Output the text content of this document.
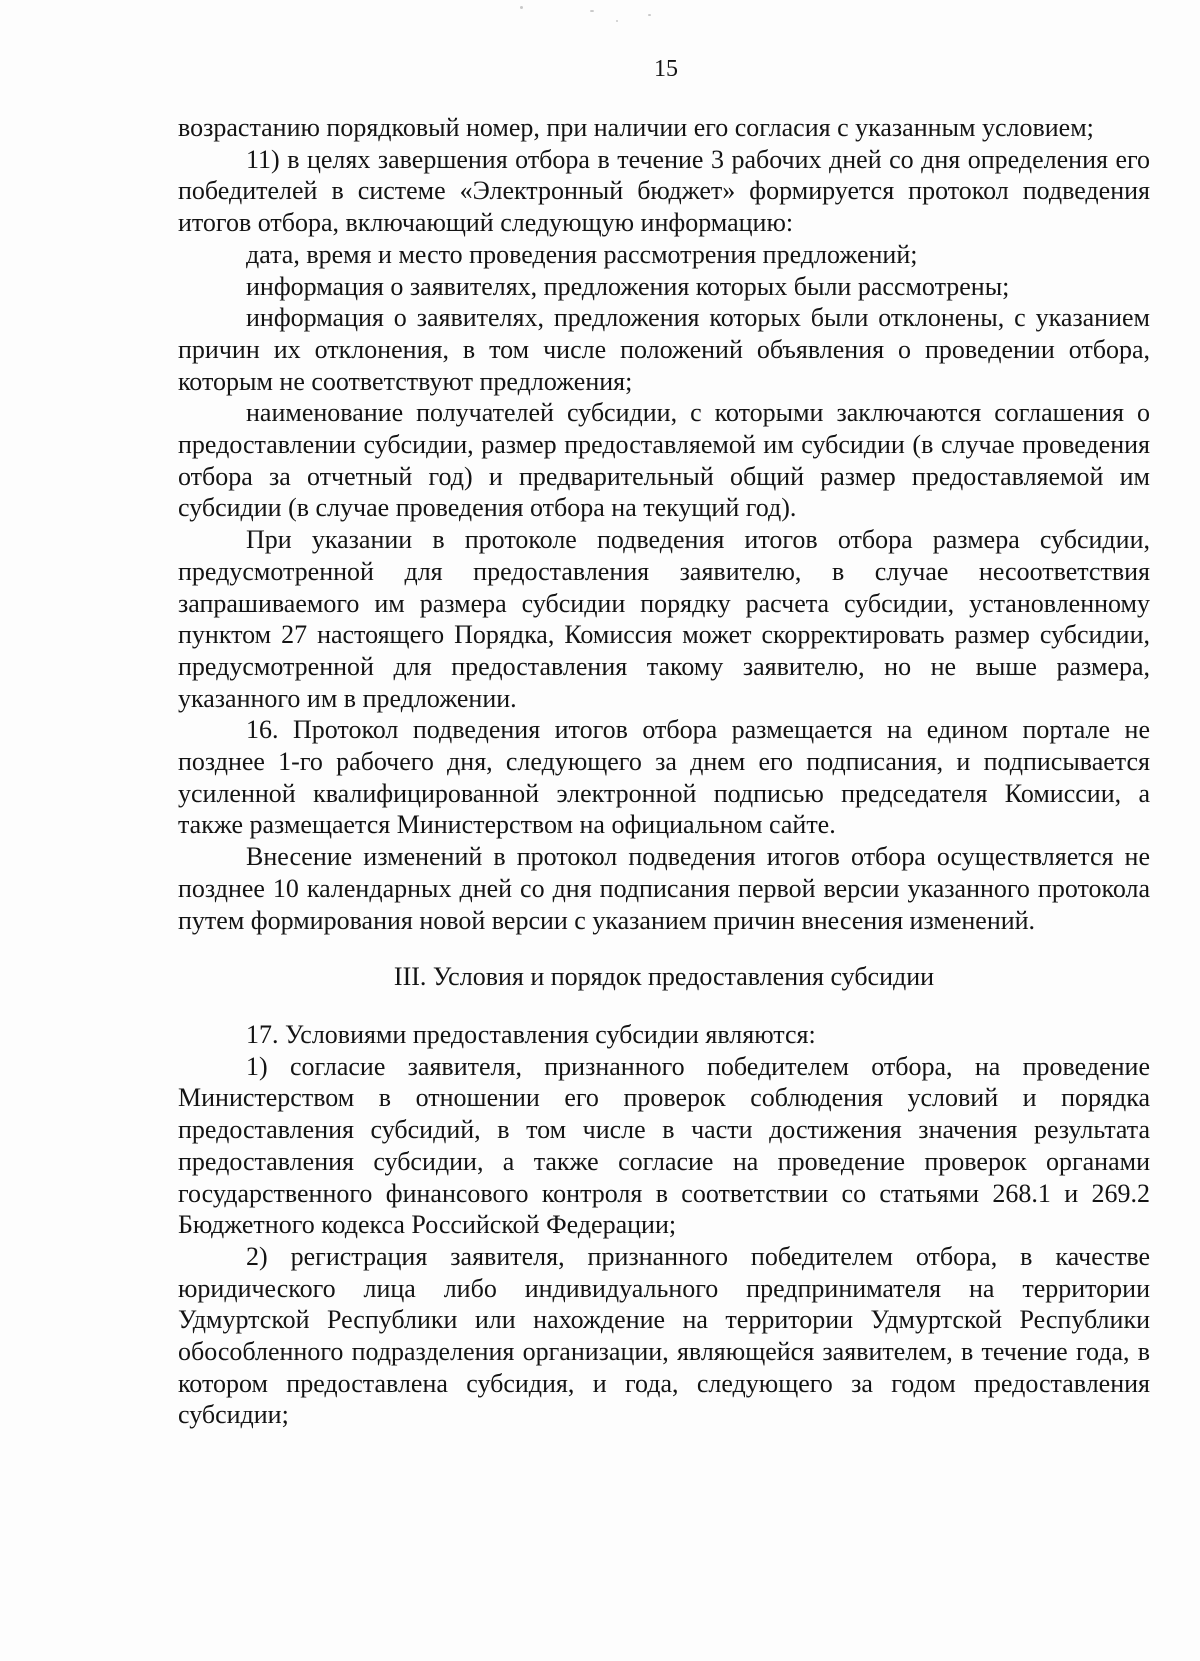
15

возрастанию порядковый номер, при наличии его согласия с указанным условием;

11) в целях завершения отбора в течение 3 рабочих дней со дня определения его победителей в системе «Электронный бюджет» формируется протокол подведения итогов отбора, включающий следующую информацию:

дата, время и место проведения рассмотрения предложений;

информация о заявителях, предложения которых были рассмотрены;

информация о заявителях, предложения которых были отклонены, с указанием причин их отклонения, в том числе положений объявления о проведении отбора, которым не соответствуют предложения;

наименование получателей субсидии, с которыми заключаются соглашения о предоставлении субсидии, размер предоставляемой им субсидии (в случае проведения отбора за отчетный год) и предварительный общий размер предоставляемой им субсидии (в случае проведения отбора на текущий год).

При указании в протоколе подведения итогов отбора размера субсидии, предусмотренной для предоставления заявителю, в случае несоответствия запрашиваемого им размера субсидии порядку расчета субсидии, установленному пунктом 27 настоящего Порядка, Комиссия может скорректировать размер субсидии, предусмотренной для предоставления такому заявителю, но не выше размера, указанного им в предложении.

16. Протокол подведения итогов отбора размещается на едином портале не позднее 1-го рабочего дня, следующего за днем его подписания, и подписывается усиленной квалифицированной электронной подписью председателя Комиссии, а также размещается Министерством на официальном сайте.

Внесение изменений в протокол подведения итогов отбора осуществляется не позднее 10 календарных дней со дня подписания первой версии указанного протокола путем формирования новой версии с указанием причин внесения изменений.

III. Условия и порядок предоставления субсидии

17. Условиями предоставления субсидии являются:

1) согласие заявителя, признанного победителем отбора, на проведение Министерством в отношении его проверок соблюдения условий и порядка предоставления субсидий, в том числе в части достижения значения результата предоставления субсидии, а также согласие на проведение проверок органами государственного финансового контроля в соответствии со статьями 268.1 и 269.2 Бюджетного кодекса Российской Федерации;

2) регистрация заявителя, признанного победителем отбора, в качестве юридического лица либо индивидуального предпринимателя на территории Удмуртской Республики или нахождение на территории Удмуртской Республики обособленного подразделения организации, являющейся заявителем, в течение года, в котором предоставлена субсидия, и года, следующего за годом предоставления субсидии;
